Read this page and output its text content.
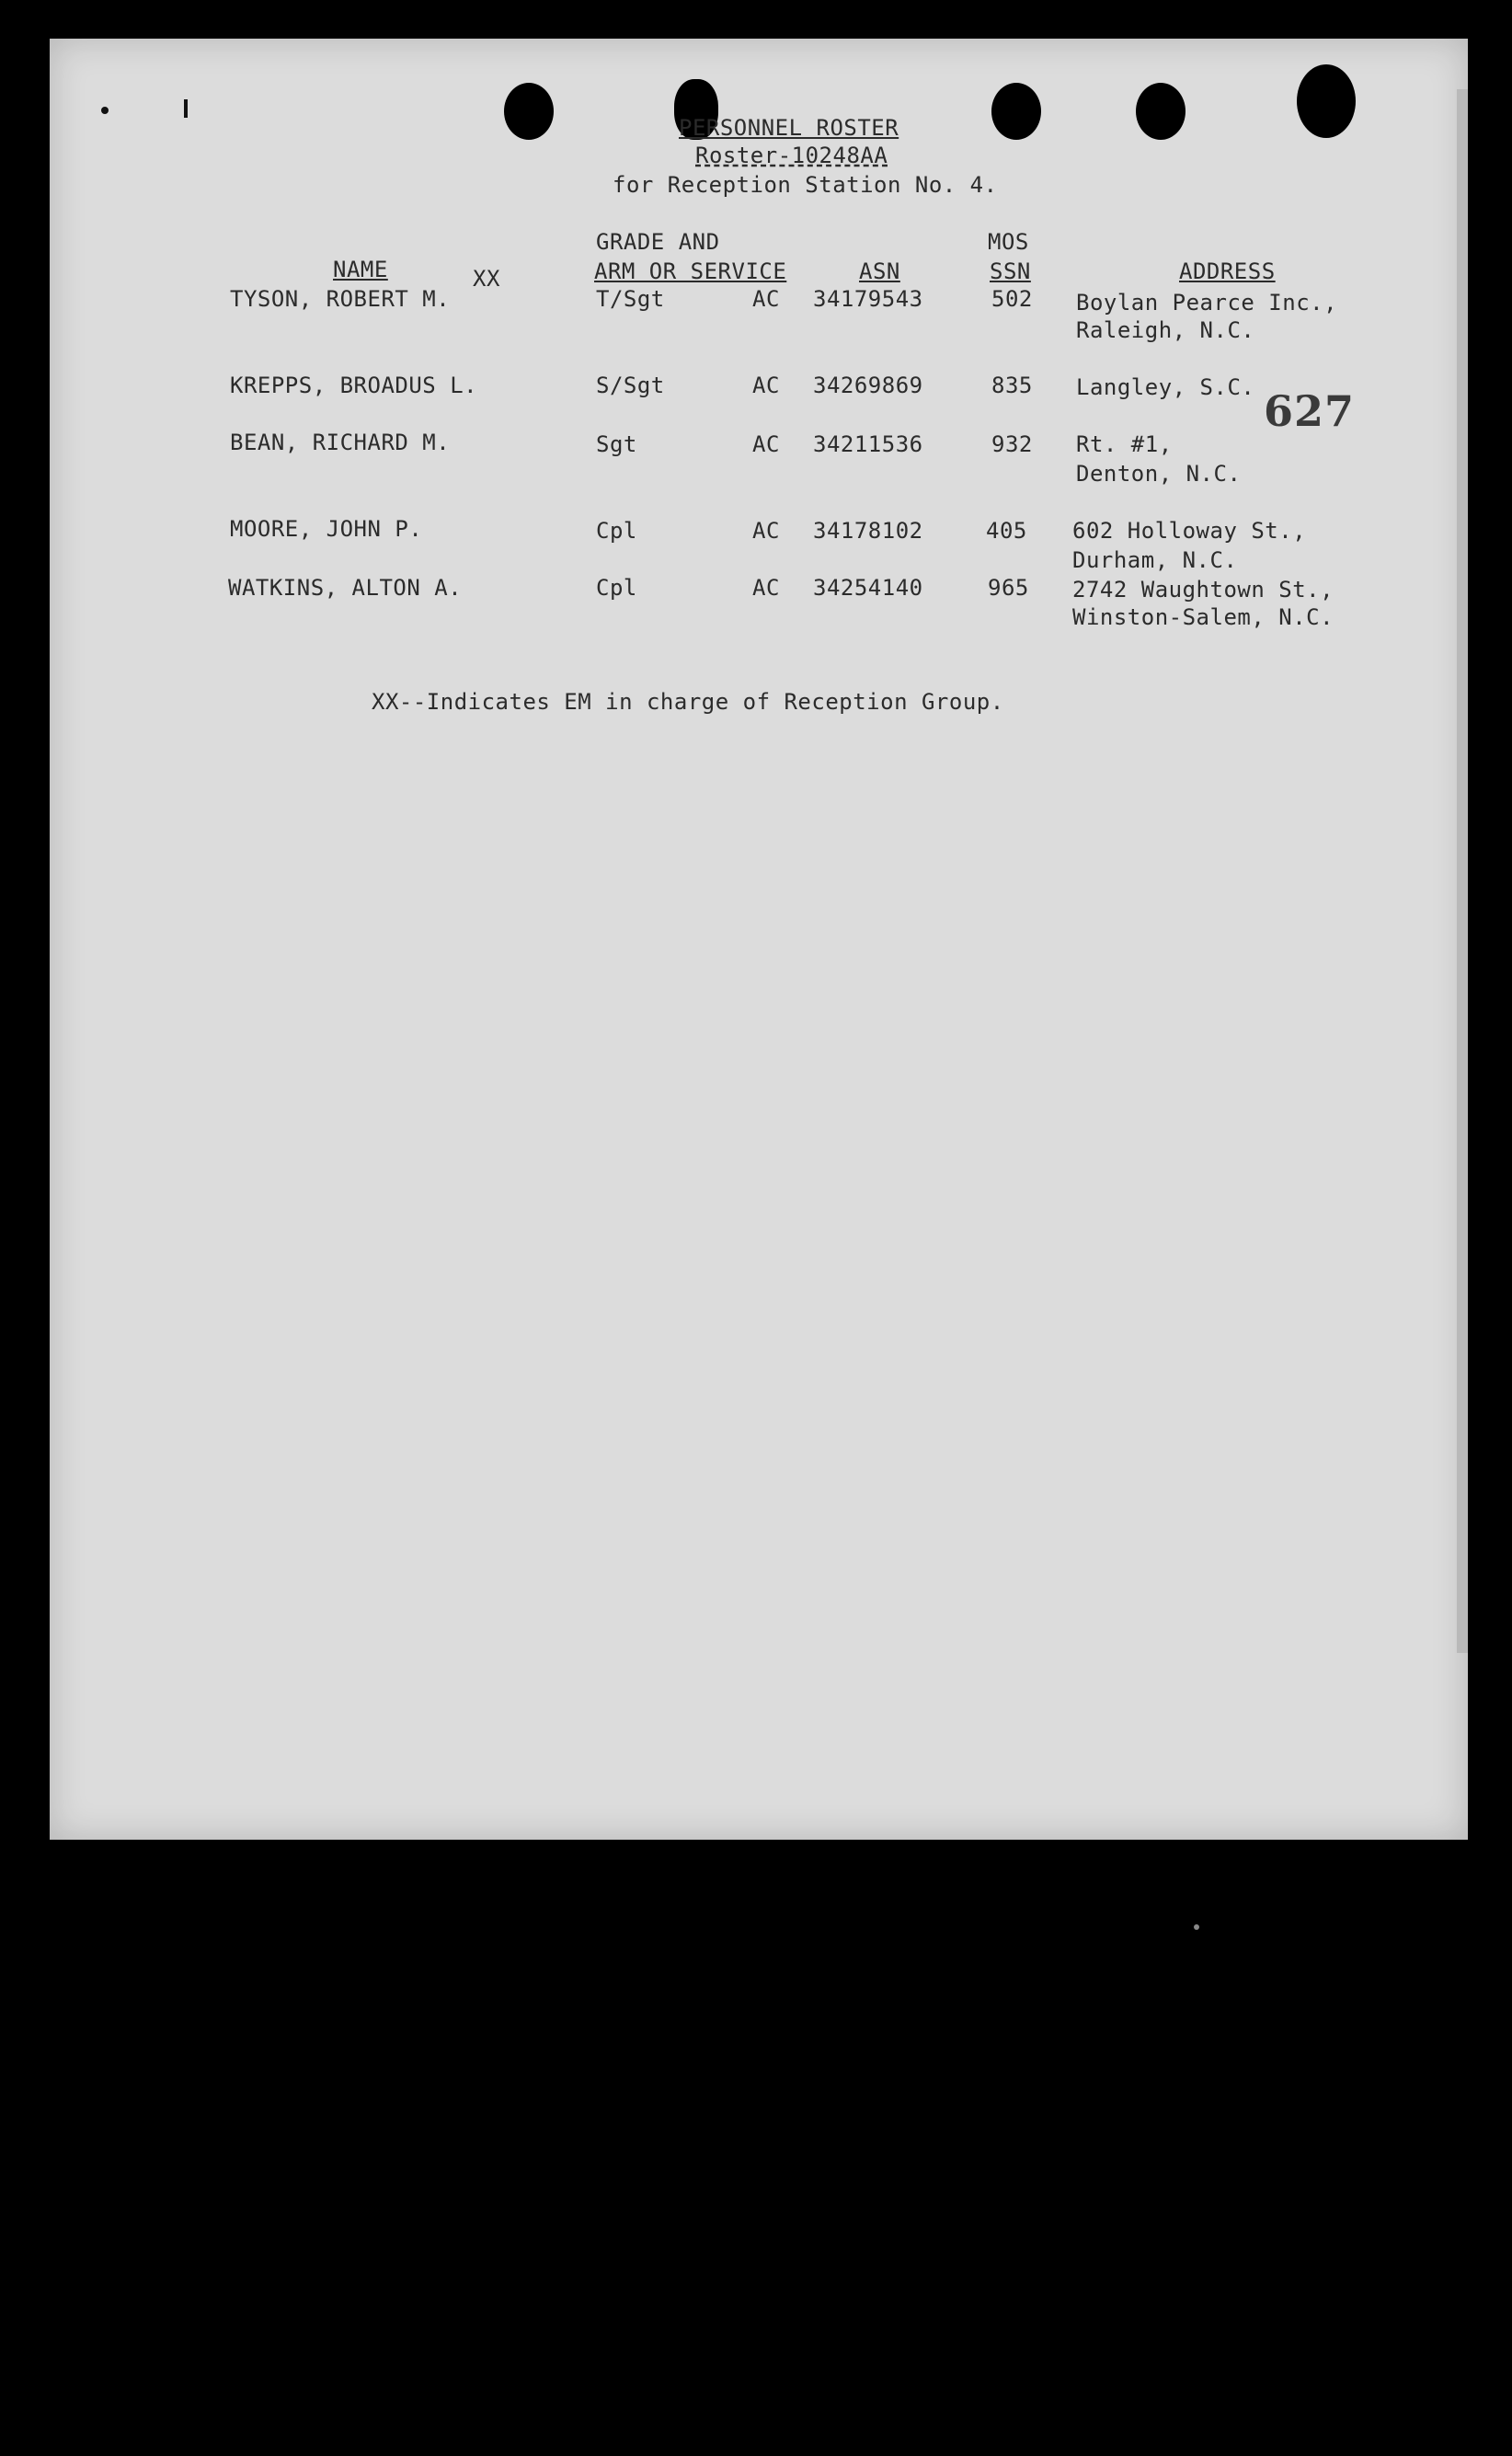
PERSONNEL ROSTER
Roster-10248AA
for Reception Station No. 4.
NAME	XX
GRADE AND
ARM OR SERVICE	ASN
MOS
SSN	ADDRESS
TYSON, ROBERT M.	T/Sgt	AC 34179543	502 Boylan Pearce Inc.,
Raleigh, N.C.
KREPPS, BROADUS L.	S/Sgt	AC 34269869	835 Langley, S.C.
BEAN, RICHARD M.	Sgt	AC 34211536	932 Rt. #1,
Denton, N.C.
MOORE, JOHN P.	Cpl	AC 34178102	405 602 Holloway St.,
Durham, N.C.
WATKINS, ALTON A.	Cpl	AC 34254140	965 2742 Waughtown St.,
Winston-Salem, N.C.
XX--Indicates EM in charge of Reception Group.
627
